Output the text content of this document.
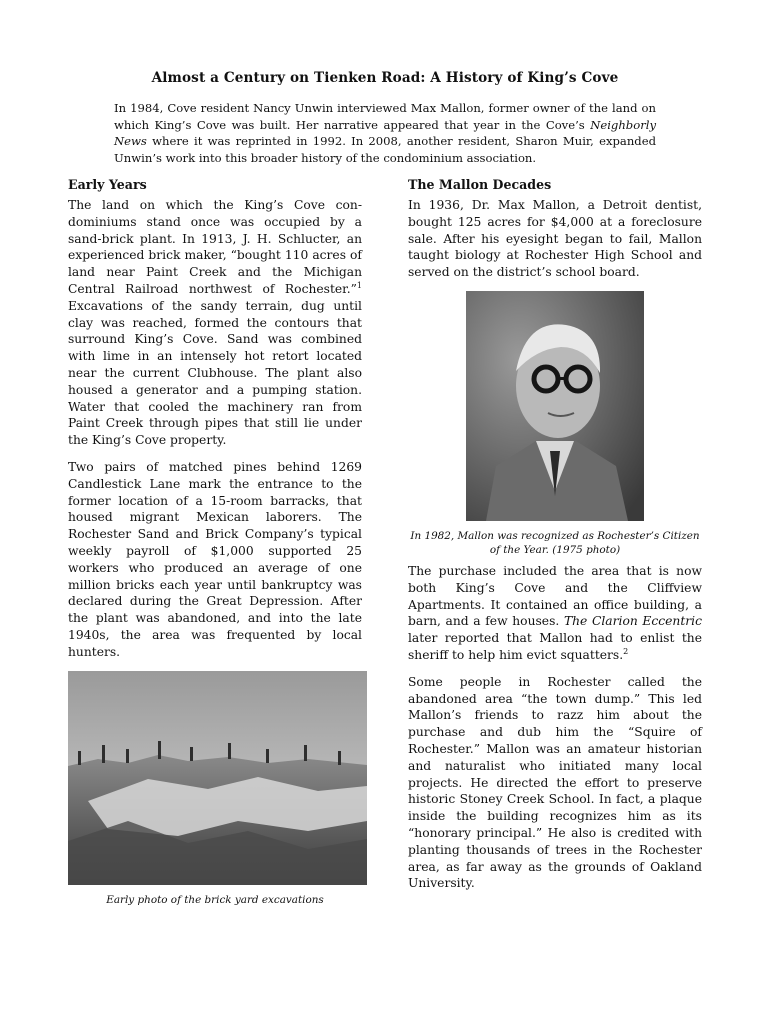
Almost a Century on Tienken Road: A History of King’s Cove
In 1984, Cove resident Nancy Unwin interviewed Max Mallon, former owner of the land on which King’s Cove was built. Her narrative appeared that year in the Cove’s Neighborly News where it was reprinted in 1992. In 2008, another resident, Sharon Muir, expanded Unwin’s work into this broader history of the condominium association.
Early Years

The land on which the King’s Cove condominiums stand once was occupied by a sand-brick plant. In 1913, J. H. Schlucter, an experienced brick maker, “bought 110 acres of land near Paint Creek and the Michigan Central Railroad northwest of Rochester.”$^1$ Excavations of the sandy terrain, dug until clay was reached, formed the contours that surround King’s Cove. Sand was combined with lime in an intensely hot retort located near the current Clubhouse. The plant also housed a generator and a pumping station. Water that cooled the machinery ran from Paint Creek through pipes that still lie under the King’s Cove property.

Two pairs of matched pines behind 1269 Candlestick Lane mark the entrance to the former location of a 15-room barracks, that housed migrant Mexican laborers. The Rochester Sand and Brick Company’s typical weekly payroll of $1,000 supported 25 workers who produced an average of one million bricks each year until bankruptcy was declared during the Great Depression. After the plant was abandoned, and into the late 1940s, the area was frequented by local hunters.

Early photo of the brick yard excavations
The Mallon Decades

In 1936, Dr. Max Mallon, a Detroit dentist, bought 125 acres for $4,000 at a foreclosure sale. After his eyesight began to fail, Mallon taught biology at Rochester High School and served on the district’s school board.

In 1982, Mallon was recognized as Rochester’s Citizen of the Year. (1975 photo)

The purchase included the area that is now both King’s Cove and the Cliffview Apartments. It contained an office building, a barn, and a few houses. The Clarion Eccentric later reported that Mallon had to enlist the sheriff to help him evict squatters.$^2$

Some people in Rochester called the abandoned area “the town dump.” This led Mallon’s friends to razz him about the purchase and dub him the “Squire of Rochester.” Mallon was an amateur historian and naturalist who initiated many local projects. He directed the effort to preserve historic Stoney Creek School. In fact, a plaque inside the building recognizes him as its “honorary principal.” He also is credited with planting thousands of trees in the Rochester area, as far away as the grounds of Oakland University.
